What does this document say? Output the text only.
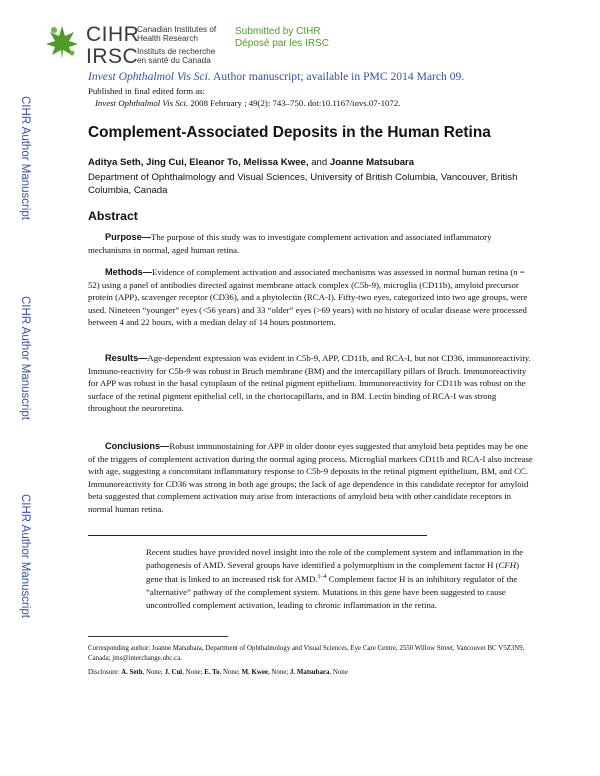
CIHR
IRSC
Canadian Institutes of
Health Research
Instituts de recherche
en santé du Canada
Submitted by CIHR
Déposé par les IRSC
Invest Ophthalmol Vis Sci. Author manuscript; available in PMC 2014 March 09.
Published in final edited form as:
Invest Ophthalmol Vis Sci. 2008 February ; 49(2): 743–750. doi:10.1167/iovs.07-1072.
CIHR Author Manuscript
CIHR Author Manuscript
CIHR Author Manuscript
Complement-Associated Deposits in the Human Retina
Aditya Seth, Jing Cui, Eleanor To, Melissa Kwee, and Joanne Matsubara
Department of Ophthalmology and Visual Sciences, University of British Columbia, Vancouver, British Columbia, Canada
Abstract
Purpose—The purpose of this study was to investigate complement activation and associated inflammatory mechanisms in normal, aged human retina.
Methods—Evidence of complement activation and associated mechanisms was assessed in normal human retina (n = 52) using a panel of antibodies directed against membrane attack complex (C5b-9), microglia (CD11b), amyloid precursor protein (APP), scavenger receptor (CD36), and a phytolectin (RCA-I). Fifty-two eyes, categorized into two age groups, were used. Nineteen “younger” eyes (<56 years) and 33 “older” eyes (>69 years) with no history of ocular disease were processed between 4 and 22 hours, with a median delay of 14 hours postmortem.
Results—Age-dependent expression was evident in C5b-9, APP, CD11b, and RCA-I, but not CD36, immunoreactivity. Immuno-reactivity for C5b-9 was robust in Bruch membrane (BM) and the intercapillary pillars of Bruch. Immunoreactivity for APP was robust in the basal cytoplasm of the retinal pigment epithelium. Immunoreactivity for CD11b was robust on the surface of the retinal pigment epithelial cell, in the choriocapillaris, and in BM. Lectin binding of RCA-I was strong throughout the neuroretina.
Conclusions—Robust immunostaining for APP in older donor eyes suggested that amyloid beta peptides may be one of the triggers of complement activation during the normal aging process. Microglial markers CD11b and RCA-I also increase with age, suggesting a concomitant inflammatory response to C5b-9 deposits in the retinal pigment epithelium, BM, and CC. Immunoreactivity for CD36 was strong in both age groups; the lack of age dependence in this candidate receptor for amyloid beta suggested that complement activation may arise from interactions of amyloid beta with other candidate receptors in normal human retina.
Recent studies have provided novel insight into the role of the complement system and inflammation in the pathogenesis of AMD. Several groups have identified a polymorphism in the complement factor H (CFH) gene that is linked to an increased risk for AMD.$^{1-4}$ Complement factor H is an inhibitory regulator of the “alternative” pathway of the complement system. Mutations in this gene have been suggested to cause uncontrolled complement activation, leading to chronic inflammation in the retina.
Corresponding author: Joanne Matsubara, Department of Ophthalmology and Visual Sciences, Eye Care Centre, 2550 Willow Street, Vancouver BC V5Z3N9, Canada; jms@interchange.ubc.ca.
Disclosure: A. Seth, None; J. Cui, None; E. To, None; M. Kwee, None; J. Matsubara, None
